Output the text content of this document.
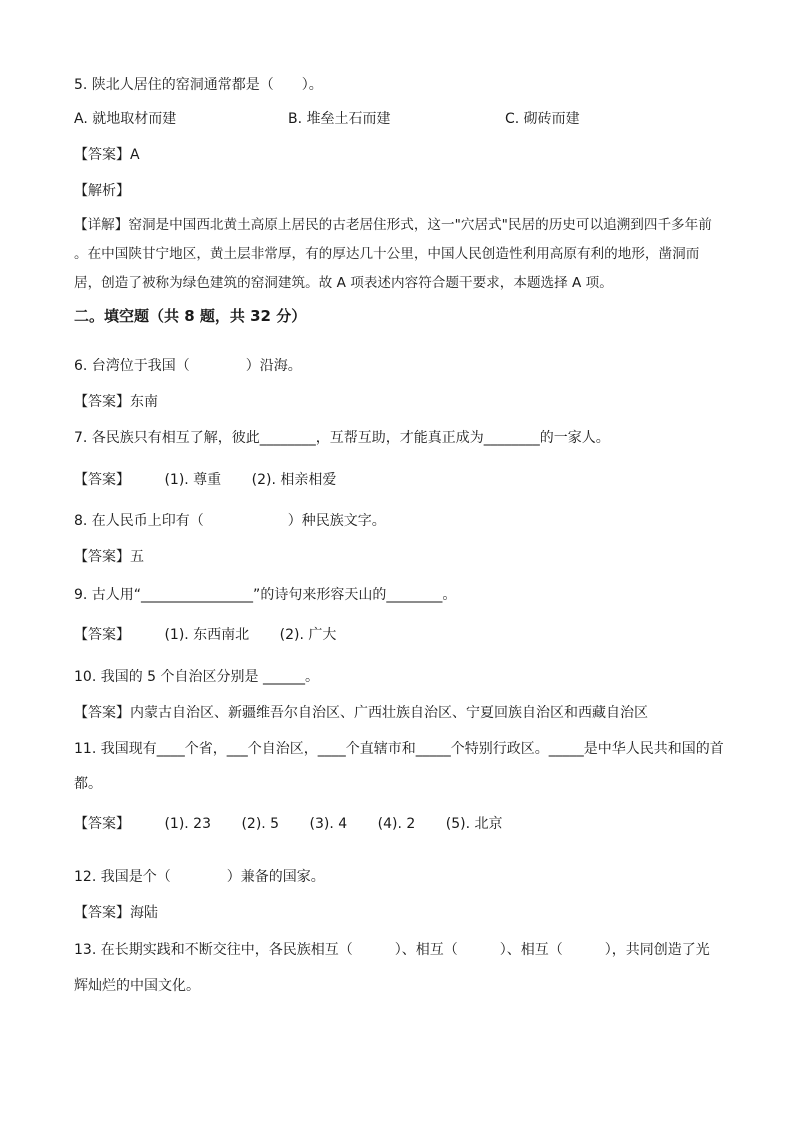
5. 陕北人居住的窑洞通常都是（　　）。
A. 就地取材而建	B. 堆垒土石而建	C. 砌砖而建
【答案】A
【解析】
【详解】窑洞是中国西北黄土高原上居民的古老居住形式，这一"穴居式"民居的历史可以追溯到四千多年前
。在中国陕甘宁地区，黄土层非常厚，有的厚达几十公里，中国人民创造性利用高原有利的地形，凿洞而
居，创造了被称为绿色建筑的窑洞建筑。故 A 项表述内容符合题干要求，本题选择 A 项。
二。填空题（共 8 题，共 32 分）
6. 台湾位于我国（　　　　）沿海。
【答案】东南
7. 各民族只有相互了解，彼此________，互帮互助，才能真正成为________的一家人。
【答案】 (1). 尊重 (2). 相亲相爱
8. 在人民币上印有（　　　　　　）种民族文字。
【答案】五
9. 古人用“________________”的诗句来形容天山的________。
【答案】 (1). 东西南北 (2). 广大
10. 我国的 5 个自治区分别是 ______。
【答案】内蒙古自治区、新疆维吾尔自治区、广西壮族自治区、宁夏回族自治区和西藏自治区
11. 我国现有____个省，___个自治区，____个直辖市和_____个特别行政区。_____是中华人民共和国的首
都。
【答案】 (1). 23 (2). 5 (3). 4 (4). 2 (5). 北京
12. 我国是个（　　　　）兼备的国家。
【答案】海陆
13. 在长期实践和不断交往中，各民族相互（　　　）、相互（　　　）、相互（　　　），共同创造了光
辉灿烂的中国文化。
